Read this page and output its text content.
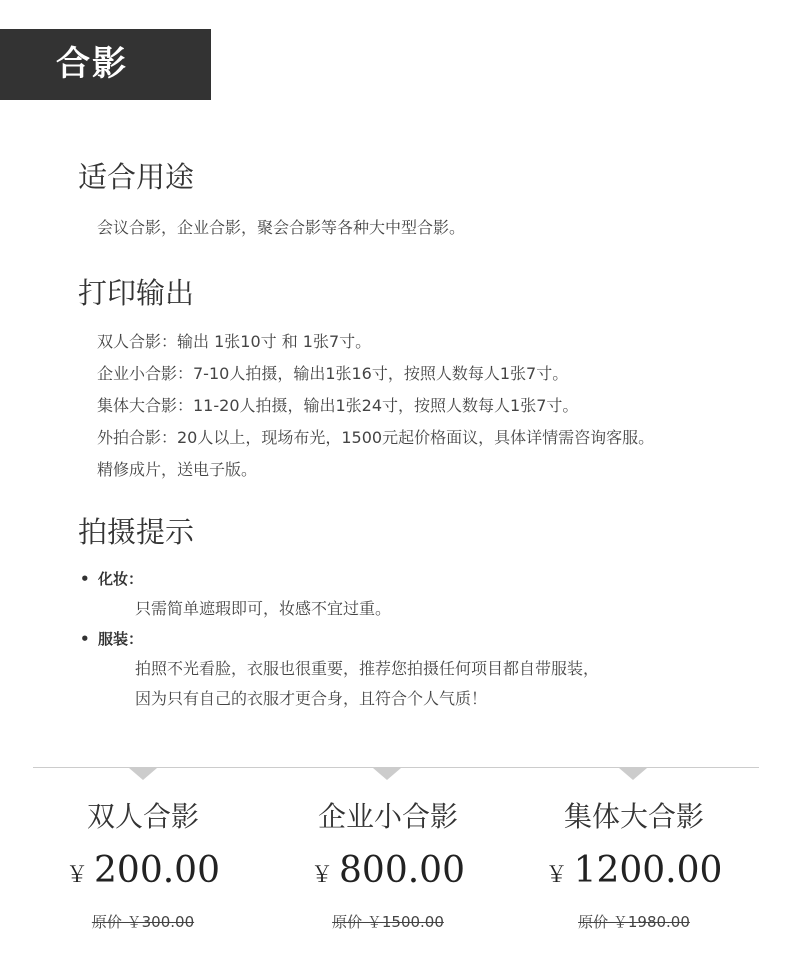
合影
适合用途
会议合影，企业合影，聚会合影等各种大中型合影。
打印输出
双人合影：输出 1张10寸 和 1张7寸。
企业小合影：7-10人拍摄，输出1张16寸，按照人数每人1张7寸。
集体大合影：11-20人拍摄，输出1张24寸，按照人数每人1张7寸。
外拍合影：20人以上，现场布光，1500元起价格面议，具体详情需咨询客服。
精修成片，送电子版。
拍摄提示
• 化妆：
只需简单遮瑕即可，妆感不宜过重。
• 服装：
拍照不光看脸，衣服也很重要，推荐您拍摄任何项目都自带服装，
因为只有自己的衣服才更合身，且符合个人气质！
双人合影
￥ 200.00
原价 ￥300.00
企业小合影
￥ 800.00
原价 ￥1500.00
集体大合影
￥ 1200.00
原价 ￥1980.00
